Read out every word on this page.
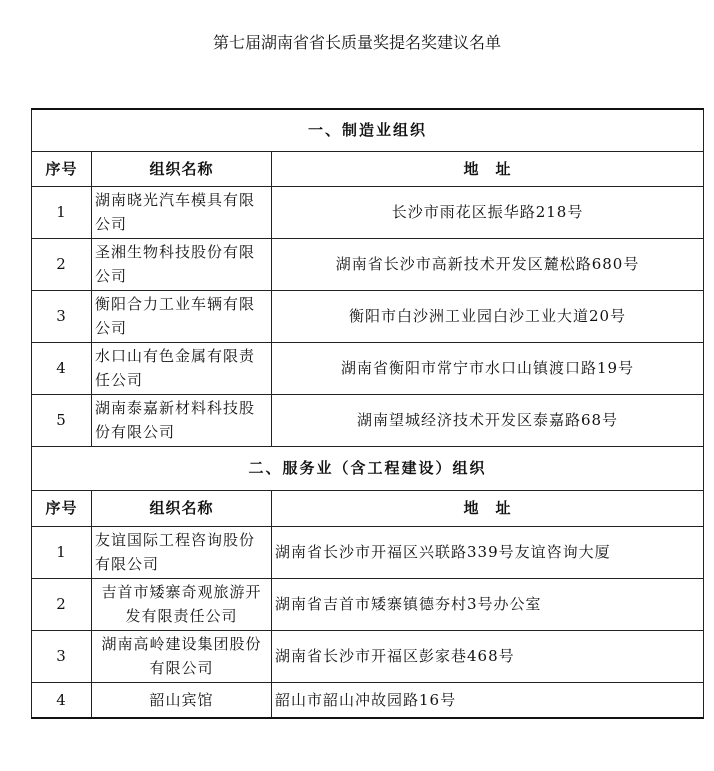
第七届湖南省省长质量奖提名奖建议名单
一、制造业组织		
序号	组织名称	地　址
1	湖南晓光汽车模具有限公司	长沙市雨花区振华路218号
2	圣湘生物科技股份有限公司	湖南省长沙市高新技术开发区麓松路680号
3	衡阳合力工业车辆有限公司	衡阳市白沙洲工业园白沙工业大道20号
4	水口山有色金属有限责任公司	湖南省衡阳市常宁市水口山镇渡口路19号
5	湖南泰嘉新材料科技股份有限公司	湖南望城经济技术开发区泰嘉路68号
二、服务业（含工程建设）组织		
序号	组织名称	地　址
1	友谊国际工程咨询股份有限公司	湖南省长沙市开福区兴联路339号友谊咨询大厦
2	吉首市矮寨奇观旅游开发有限责任公司	湖南省吉首市矮寨镇德夯村3号办公室
3	湖南高岭建设集团股份有限公司	湖南省长沙市开福区彭家巷468号
4	韶山宾馆	韶山市韶山冲故园路16号
